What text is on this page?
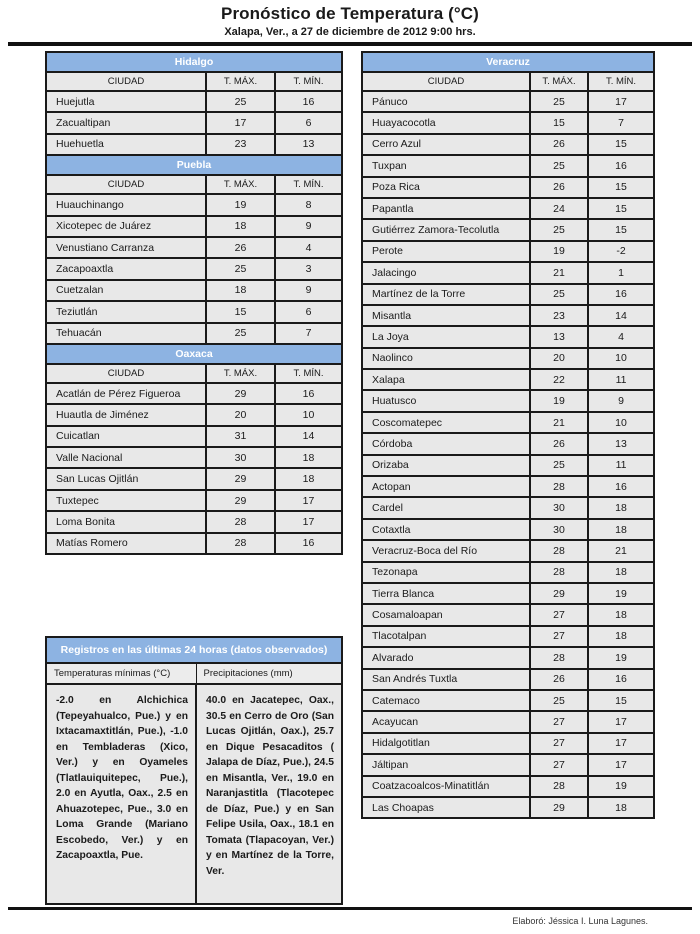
Pronóstico de Temperatura (°C)
Xalapa, Ver., a 27 de diciembre de 2012 9:00 hrs.
Hidalgo		
CIUDAD	T. MÁX.	T. MÍN.
Huejutla	25	16
Zacualtipan	17	6
Huehuetla	23	13
Puebla		
CIUDAD	T. MÁX.	T. MÍN.
Huauchinango	19	8
Xicotepec de Juárez	18	9
Venustiano Carranza	26	4
Zacapoaxtla	25	3
Cuetzalan	18	9
Teziutlán	15	6
Tehuacán	25	7
Oaxaca		
CIUDAD	T. MÁX.	T. MÍN.
Acatlán de Pérez Figueroa	29	16
Huautla de Jiménez	20	10
Cuicatlan	31	14
Valle Nacional	30	18
San Lucas Ojitlán	29	18
Tuxtepec	29	17
Loma Bonita	28	17
Matías Romero	28	16
Veracruz		
CIUDAD	T. MÁX.	T. MÍN.
Pánuco	25	17
Huayacocotla	15	7
Cerro Azul	26	15
Tuxpan	25	16
Poza Rica	26	15
Papantla	24	15
Gutiérrez Zamora-Tecolutla	25	15
Perote	19	-2
Jalacingo	21	1
Martínez de la Torre	25	16
Misantla	23	14
La Joya	13	4
Naolinco	20	10
Xalapa	22	11
Huatusco	19	9
Coscomatepec	21	10
Córdoba	26	13
Orizaba	25	11
Actopan	28	16
Cardel	30	18
Cotaxtla	30	18
Veracruz-Boca del Río	28	21
Tezonapa	28	18
Tierra Blanca	29	19
Cosamaloapan	27	18
Tlacotalpan	27	18
Alvarado	28	19
San Andrés Tuxtla	26	16
Catemaco	25	15
Acayucan	27	17
Hidalgotitlan	27	17
Jáltipan	27	17
Coatzacoalcos-Minatitlán	28	19
Las Choapas	29	18
Registros en las últimas 24 horas (datos observados)	
Temperaturas mínimas (°C)	Precipitaciones (mm)
-2.0 en Alchichica (Tepeyahualco, Pue.) y en Ixtacamaxtitlán, Pue.), -1.0 en Tembladeras (Xico, Ver.) y en Oyameles (Tlatlauiquitepec, Pue.), 2.0 en Ayutla, Oax., 2.5 en Ahuazotepec, Pue., 3.0 en Loma Grande (Mariano Escobedo, Ver.) y en Zacapoaxtla, Pue.	40.0 en Jacatepec, Oax., 30.5 en Cerro de Oro (San Lucas Ojitlán, Oax.), 25.7 en Dique Pesacaditos ( Jalapa de Díaz, Pue.), 24.5 en Misantla, Ver., 19.0 en Naranjastitla (Tlacotepec de Díaz, Pue.) y en San Felipe Usila, Oax., 18.1 en Tomata (Tlapacoyan, Ver.) y en Martínez de la Torre, Ver.
Elaboró: Jéssica I. Luna Lagunes.
